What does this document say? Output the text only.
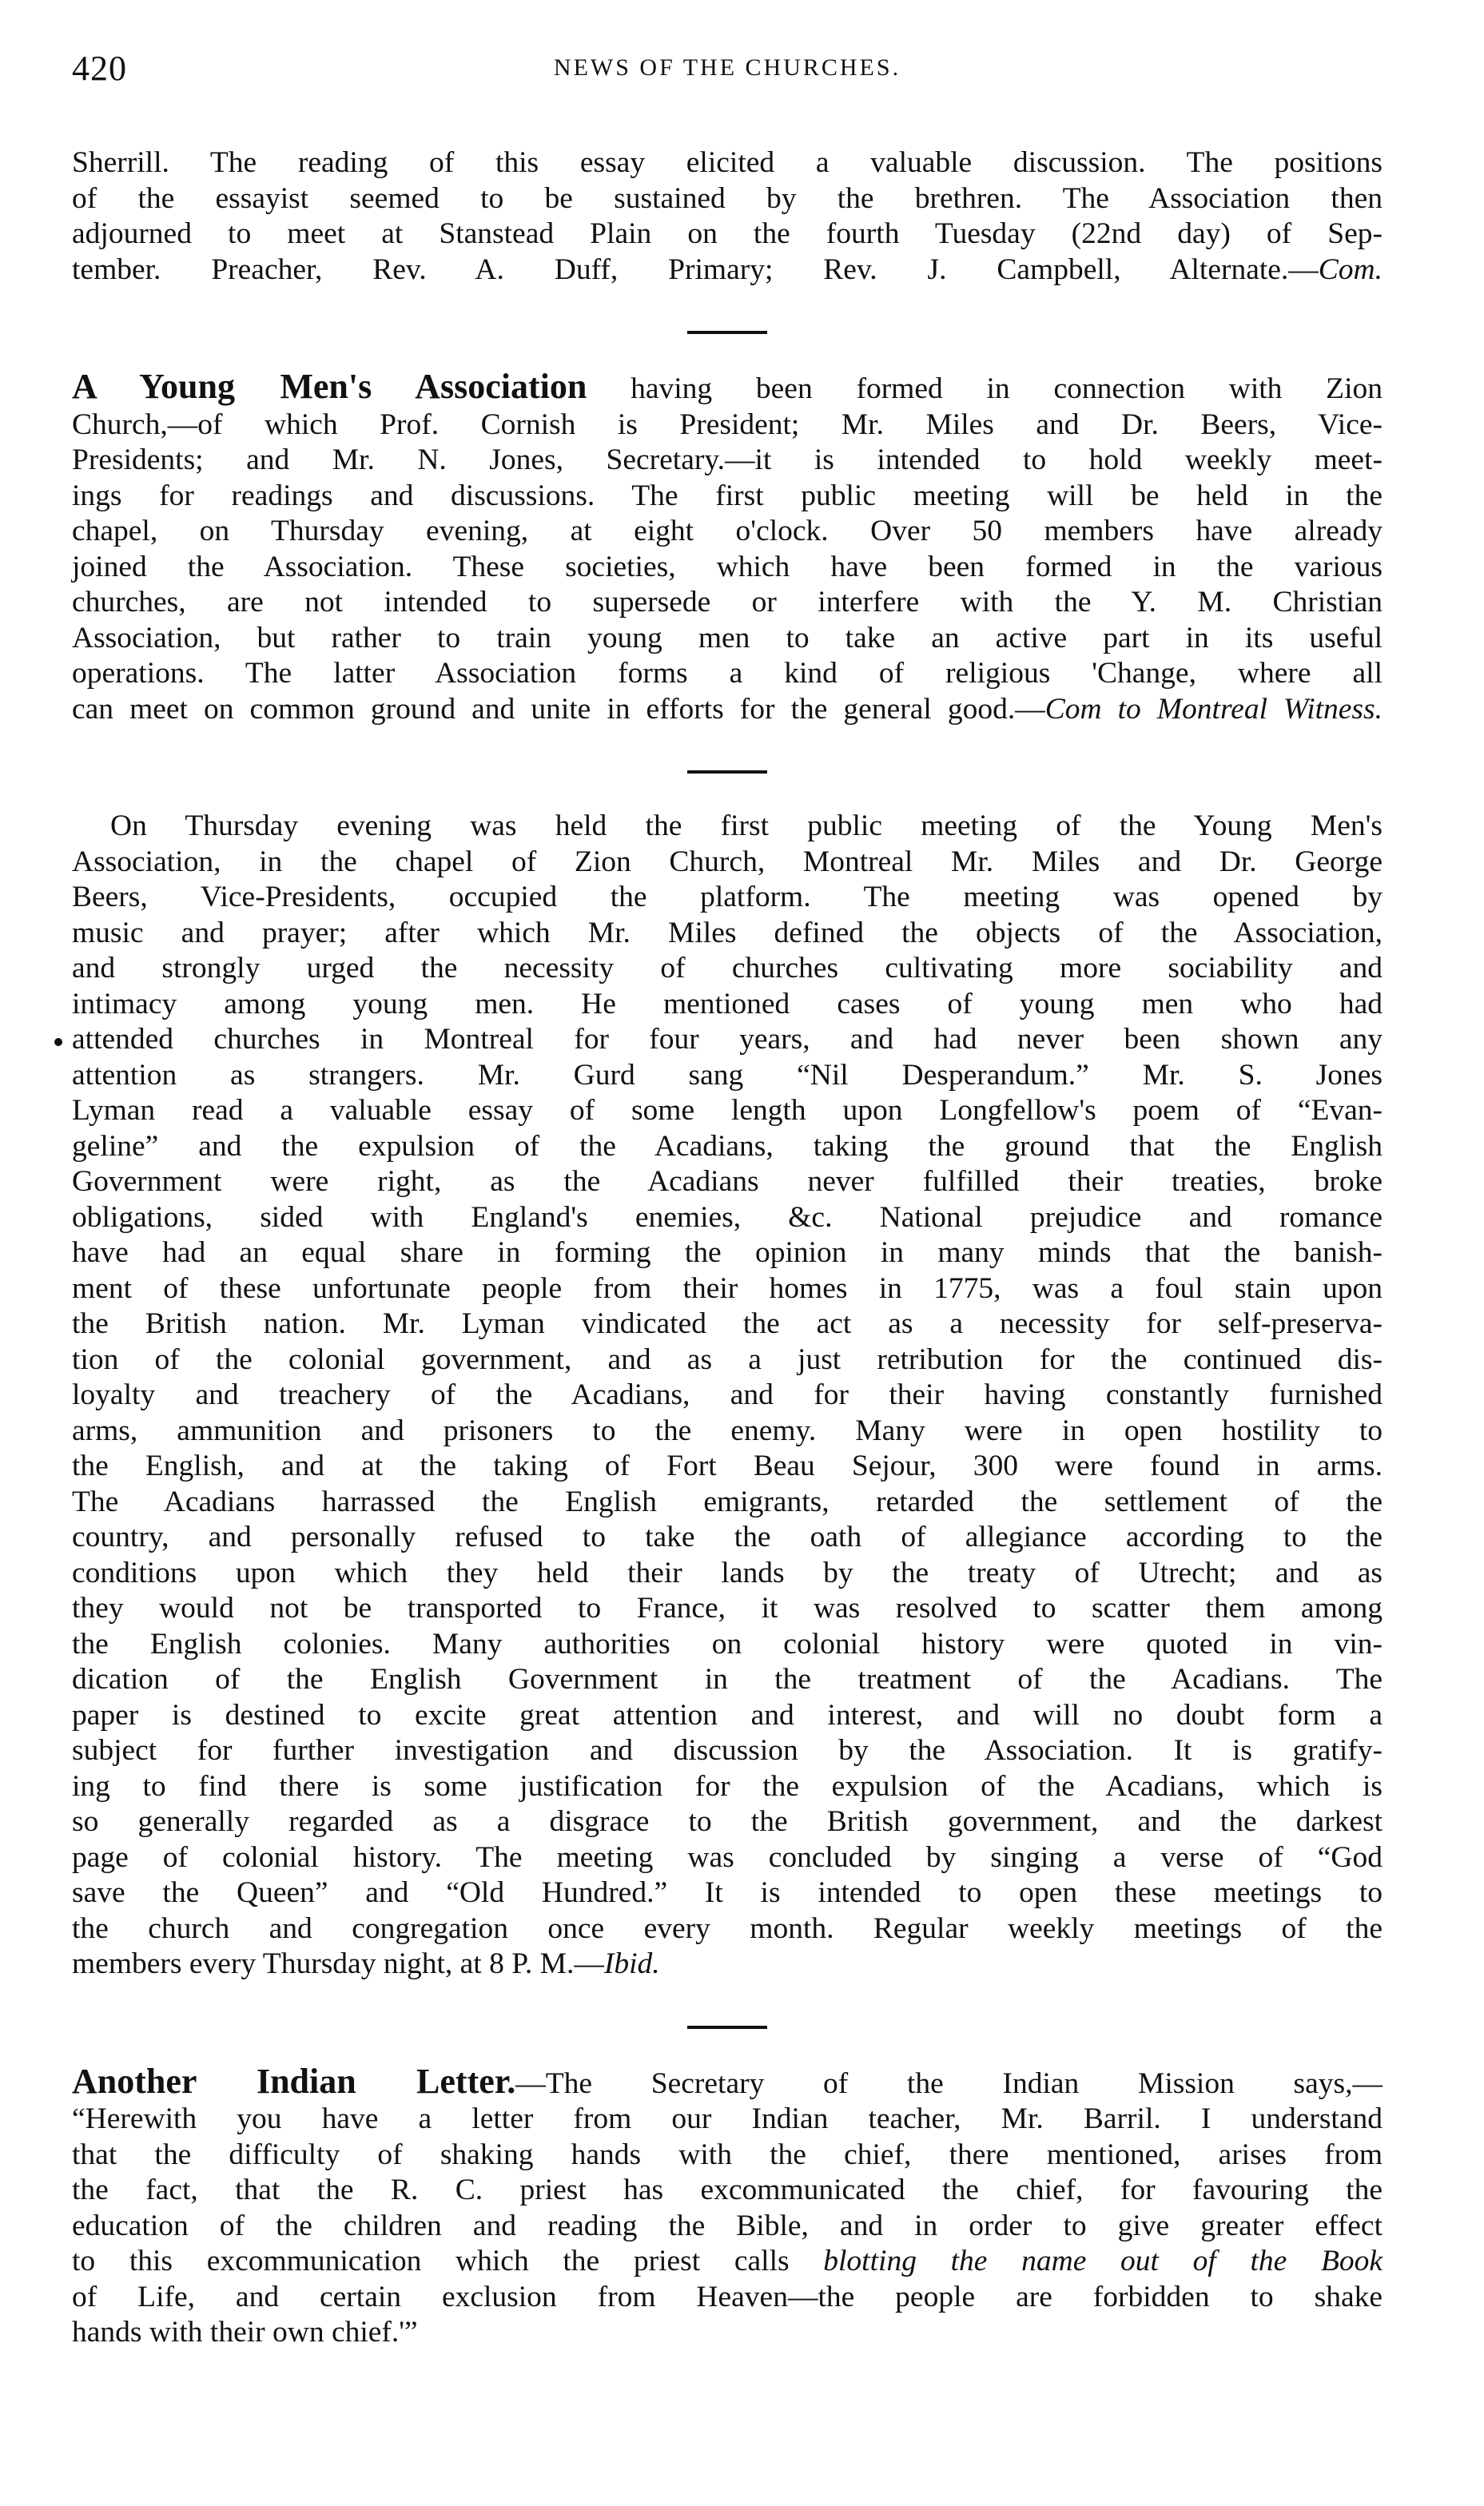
420	NEWS OF THE CHURCHES.

Sherrill. The reading of this essay elicited a valuable discussion. The positions
of the essayist seemed to be sustained by the brethren. The Association then
adjourned to meet at Stanstead Plain on the fourth Tuesday (22nd day) of Sep-
tember. Preacher, Rev. A. Duff, Primary; Rev. J. Campbell, Alternate.—Com.

A Young Men's Association having been formed in connection with Zion
Church,—of which Prof. Cornish is President; Mr. Miles and Dr. Beers, Vice-
Presidents; and Mr. N. Jones, Secretary.—it is intended to hold weekly meet-
ings for readings and discussions. The first public meeting will be held in the
chapel, on Thursday evening, at eight o'clock. Over 50 members have already
joined the Association. These societies, which have been formed in the various
churches, are not intended to supersede or interfere with the Y. M. Christian
Association, but rather to train young men to take an active part in its useful
operations. The latter Association forms a kind of religious 'Change, where all
can meet on common ground and unite in efforts for the general good.—Com to Montreal Witness.

On Thursday evening was held the first public meeting of the Young Men's
Association, in the chapel of Zion Church, Montreal Mr. Miles and Dr. George
Beers, Vice-Presidents, occupied the platform. The meeting was opened by
music and prayer; after which Mr. Miles defined the objects of the Association,
and strongly urged the necessity of churches cultivating more sociability and
intimacy among young men. He mentioned cases of young men who had
attended churches in Montreal for four years, and had never been shown any
attention as strangers. Mr. Gurd sang “Nil Desperandum.” Mr. S. Jones
Lyman read a valuable essay of some length upon Longfellow's poem of “Evan-
geline” and the expulsion of the Acadians, taking the ground that the English
Government were right, as the Acadians never fulfilled their treaties, broke
obligations, sided with England's enemies, &c. National prejudice and romance
have had an equal share in forming the opinion in many minds that the banish-
ment of these unfortunate people from their homes in 1775, was a foul stain upon
the British nation. Mr. Lyman vindicated the act as a necessity for self-preserva-
tion of the colonial government, and as a just retribution for the continued dis-
loyalty and treachery of the Acadians, and for their having constantly furnished
arms, ammunition and prisoners to the enemy. Many were in open hostility to
the English, and at the taking of Fort Beau Sejour, 300 were found in arms.
The Acadians harrassed the English emigrants, retarded the settlement of the
country, and personally refused to take the oath of allegiance according to the
conditions upon which they held their lands by the treaty of Utrecht; and as
they would not be transported to France, it was resolved to scatter them among
the English colonies. Many authorities on colonial history were quoted in vin-
dication of the English Government in the treatment of the Acadians. The
paper is destined to excite great attention and interest, and will no doubt form a
subject for further investigation and discussion by the Association. It is gratify-
ing to find there is some justification for the expulsion of the Acadians, which is
so generally regarded as a disgrace to the British government, and the darkest
page of colonial history. The meeting was concluded by singing a verse of “God
save the Queen” and “Old Hundred.” It is intended to open these meetings to
the church and congregation once every month. Regular weekly meetings of the
members every Thursday night, at 8 P. M.—Ibid.

Another Indian Letter.—The Secretary of the Indian Mission says,—
“Herewith you have a letter from our Indian teacher, Mr. Barril. I understand
that the difficulty of shaking hands with the chief, there mentioned, arises from
the fact, that the R. C. priest has excommunicated the chief, for favouring the
education of the children and reading the Bible, and in order to give greater effect
to this excommunication which the priest calls blotting the name out of the Book
of Life, and certain exclusion from Heaven—the people are forbidden to shake
hands with their own chief.'”
